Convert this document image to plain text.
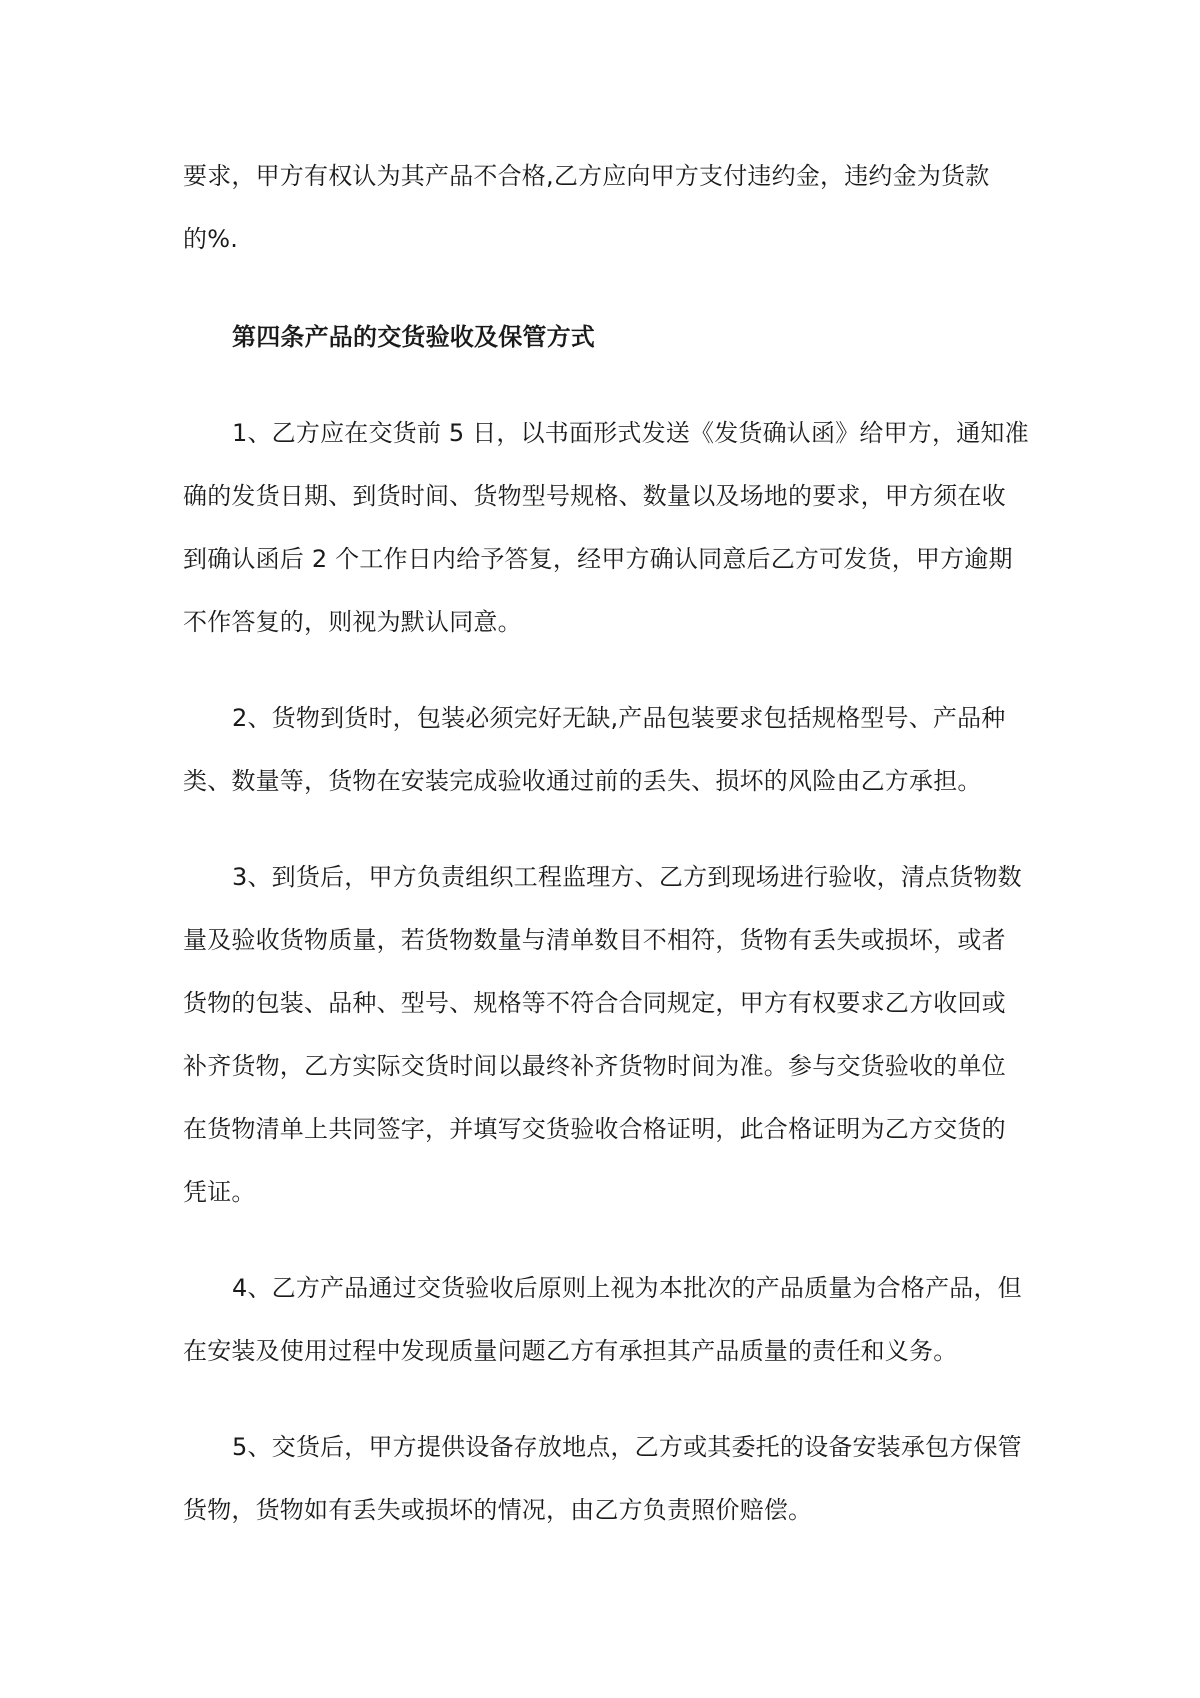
要求，甲方有权认为其产品不合格,乙方应向甲方支付违约金，违约金为货款
的%.
第四条产品的交货验收及保管方式
1、乙方应在交货前 5 日，以书面形式发送《发货确认函》给甲方，通知准
确的发货日期、到货时间、货物型号规格、数量以及场地的要求，甲方须在收
到确认函后 2 个工作日内给予答复，经甲方确认同意后乙方可发货，甲方逾期
不作答复的，则视为默认同意。
2、货物到货时，包装必须完好无缺,产品包装要求包括规格型号、产品种
类、数量等，货物在安装完成验收通过前的丢失、损坏的风险由乙方承担。
3、到货后，甲方负责组织工程监理方、乙方到现场进行验收，清点货物数
量及验收货物质量，若货物数量与清单数目不相符，货物有丢失或损坏，或者
货物的包装、品种、型号、规格等不符合合同规定，甲方有权要求乙方收回或
补齐货物，乙方实际交货时间以最终补齐货物时间为准。参与交货验收的单位
在货物清单上共同签字，并填写交货验收合格证明，此合格证明为乙方交货的
凭证。
4、乙方产品通过交货验收后原则上视为本批次的产品质量为合格产品，但
在安装及使用过程中发现质量问题乙方有承担其产品质量的责任和义务。
5、交货后，甲方提供设备存放地点，乙方或其委托的设备安装承包方保管
货物，货物如有丢失或损坏的情况，由乙方负责照价赔偿。
